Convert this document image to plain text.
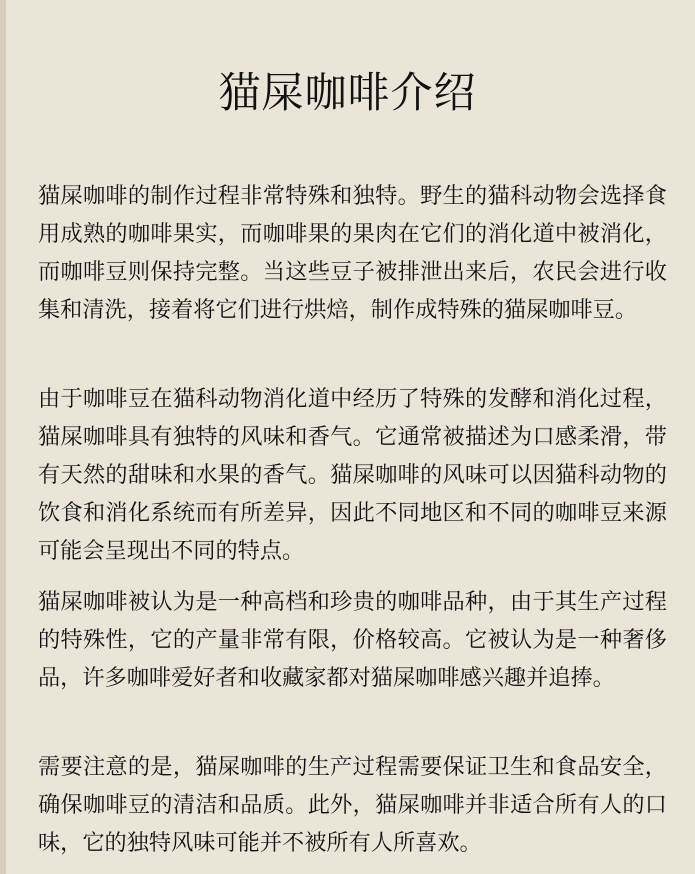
猫屎咖啡介绍

猫屎咖啡的制作过程非常特殊和独特。野生的猫科动物会选择食用成熟的咖啡果实，而咖啡果的果肉在它们的消化道中被消化，而咖啡豆则保持完整。当这些豆子被排泄出来后，农民会进行收集和清洗，接着将它们进行烘焙，制作成特殊的猫屎咖啡豆。

由于咖啡豆在猫科动物消化道中经历了特殊的发酵和消化过程，猫屎咖啡具有独特的风味和香气。它通常被描述为口感柔滑，带有天然的甜味和水果的香气。猫屎咖啡的风味可以因猫科动物的饮食和消化系统而有所差异，因此不同地区和不同的咖啡豆来源可能会呈现出不同的特点。

猫屎咖啡被认为是一种高档和珍贵的咖啡品种，由于其生产过程的特殊性，它的产量非常有限，价格较高。它被认为是一种奢侈品，许多咖啡爱好者和收藏家都对猫屎咖啡感兴趣并追捧。

需要注意的是，猫屎咖啡的生产过程需要保证卫生和食品安全，确保咖啡豆的清洁和品质。此外，猫屎咖啡并非适合所有人的口味，它的独特风味可能并不被所有人所喜欢。
